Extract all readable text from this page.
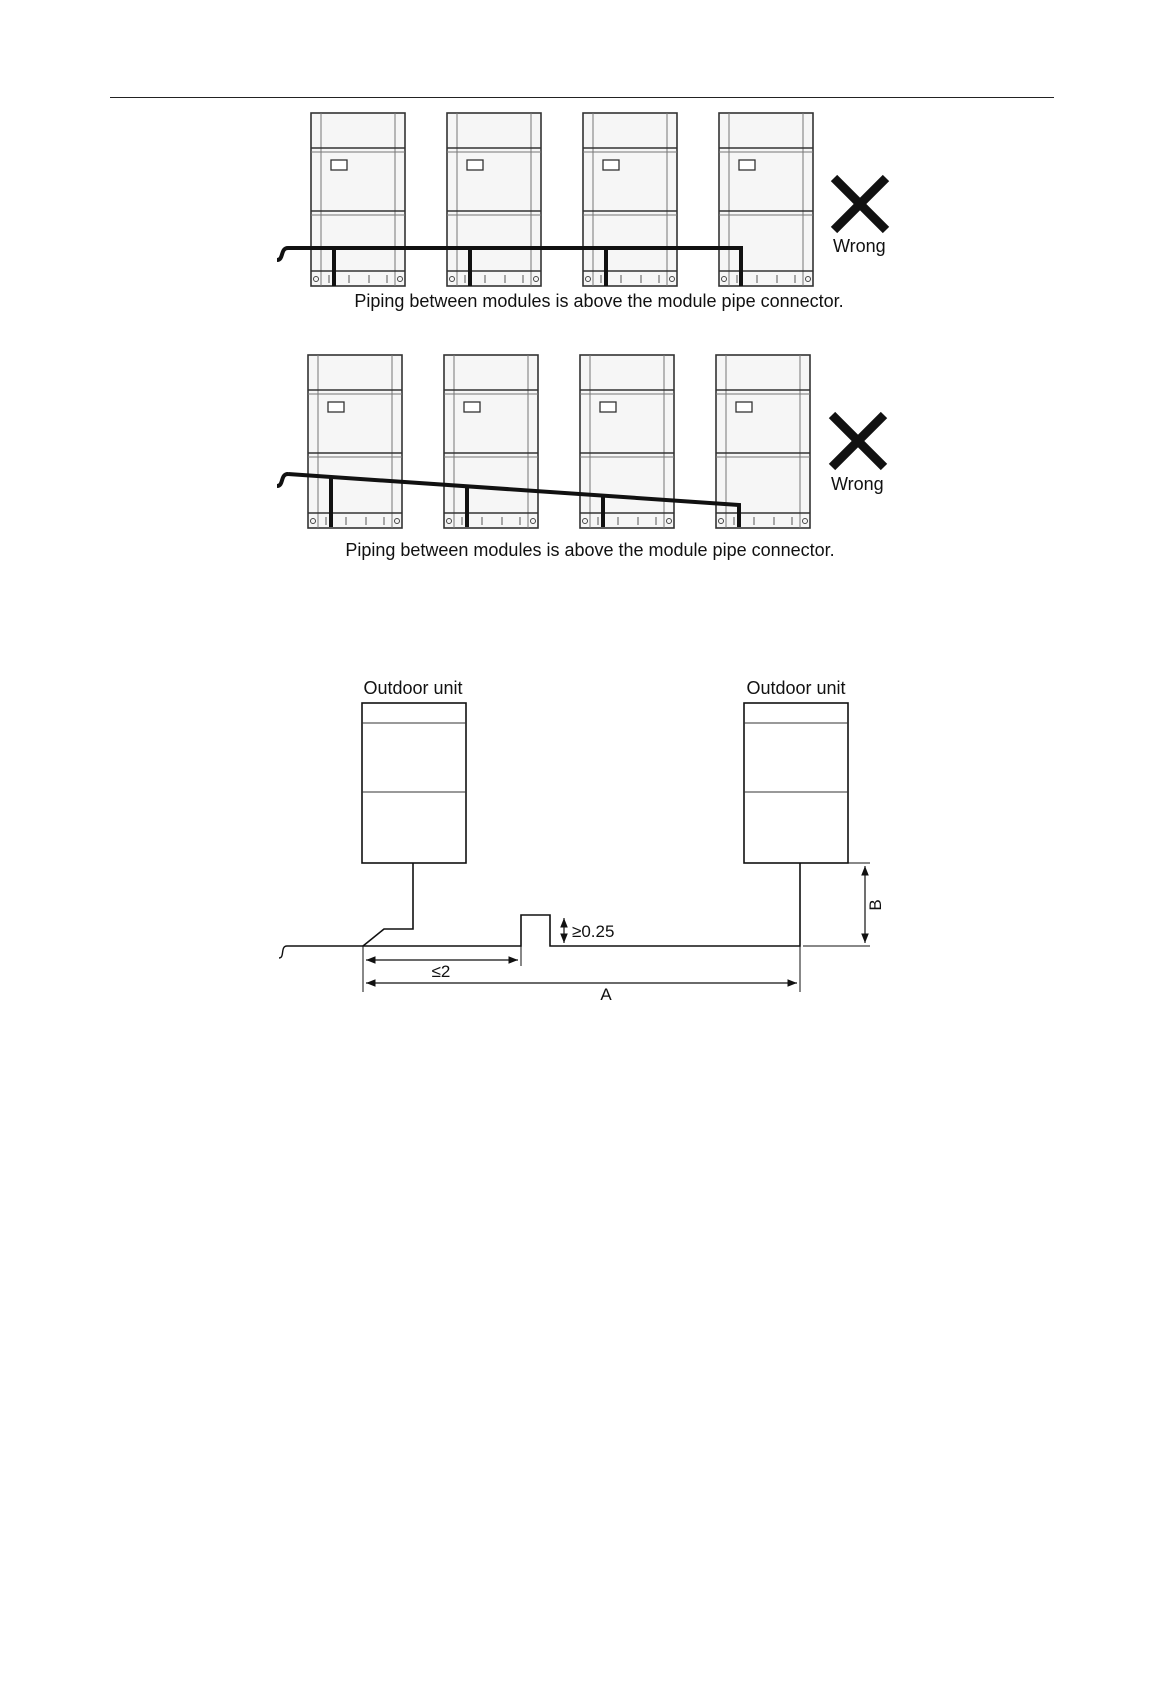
Wrong
Piping between modules is above the module pipe connector.
Wrong
Piping between modules is above the module pipe connector.
Outdoor unit	Outdoor unit
≤2
≥0.25
A
B
